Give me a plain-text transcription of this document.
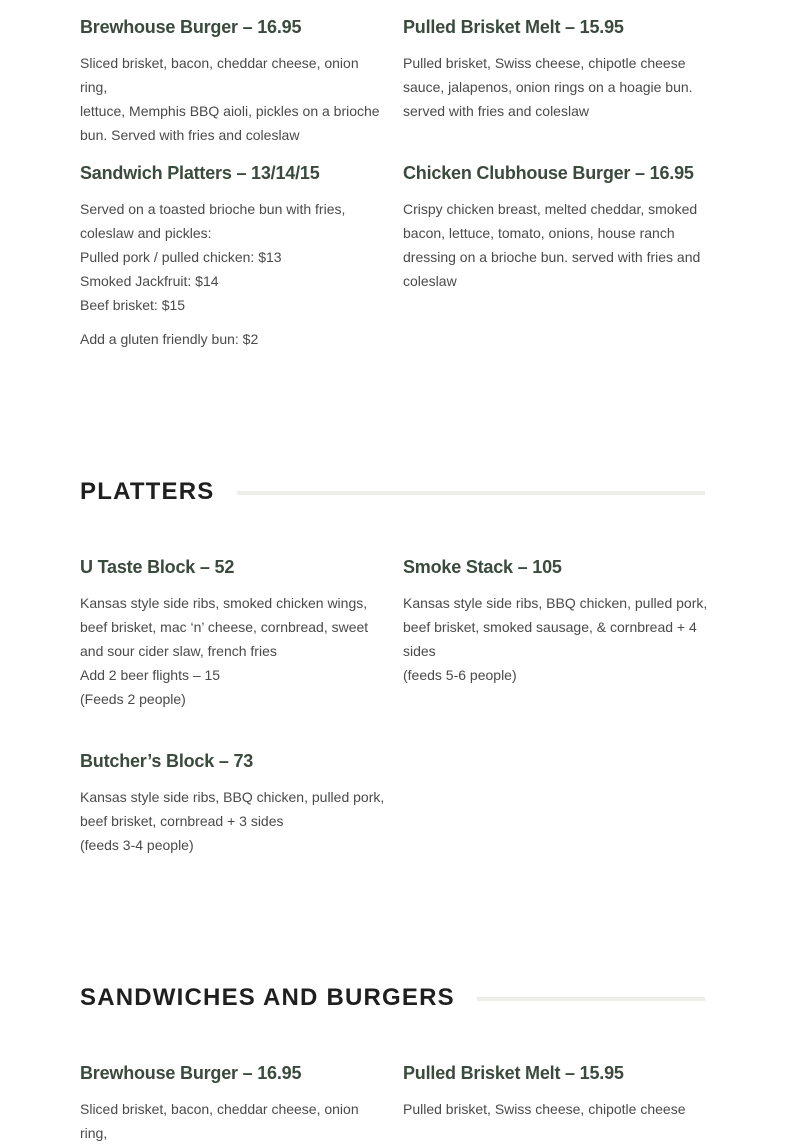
Brewhouse Burger – 16.95

Sliced brisket, bacon, cheddar cheese, onion ring,
lettuce, Memphis BBQ aioli, pickles on a brioche
bun. Served with fries and coleslaw

Pulled Brisket Melt – 15.95

Pulled brisket, Swiss cheese, chipotle cheese
sauce, jalapenos, onion rings on a hoagie bun.
served with fries and coleslaw

Sandwich Platters – 13/14/15

Served on a toasted brioche bun with fries,
coleslaw and pickles:
Pulled pork / pulled chicken: $13
Smoked Jackfruit: $14
Beef brisket: $15

Add a gluten friendly bun: $2

Chicken Clubhouse Burger – 16.95

Crispy chicken breast, melted cheddar, smoked
bacon, lettuce, tomato, onions, house ranch
dressing on a brioche bun. served with fries and
coleslaw

PLATTERS
U Taste Block – 52

Kansas style side ribs, smoked chicken wings,
beef brisket, mac ‘n’ cheese, cornbread, sweet
and sour cider slaw, french fries
Add 2 beer flights – 15
(Feeds 2 people)

Smoke Stack – 105

Kansas style side ribs, BBQ chicken, pulled pork,
beef brisket, smoked sausage, & cornbread + 4
sides
(feeds 5-6 people)

Butcher’s Block – 73

Kansas style side ribs, BBQ chicken, pulled pork,
beef brisket, cornbread + 3 sides
(feeds 3-4 people)

SANDWICHES AND BURGERS
Brewhouse Burger – 16.95

Sliced brisket, bacon, cheddar cheese, onion ring,

Pulled Brisket Melt – 15.95

Pulled brisket, Swiss cheese, chipotle cheese
